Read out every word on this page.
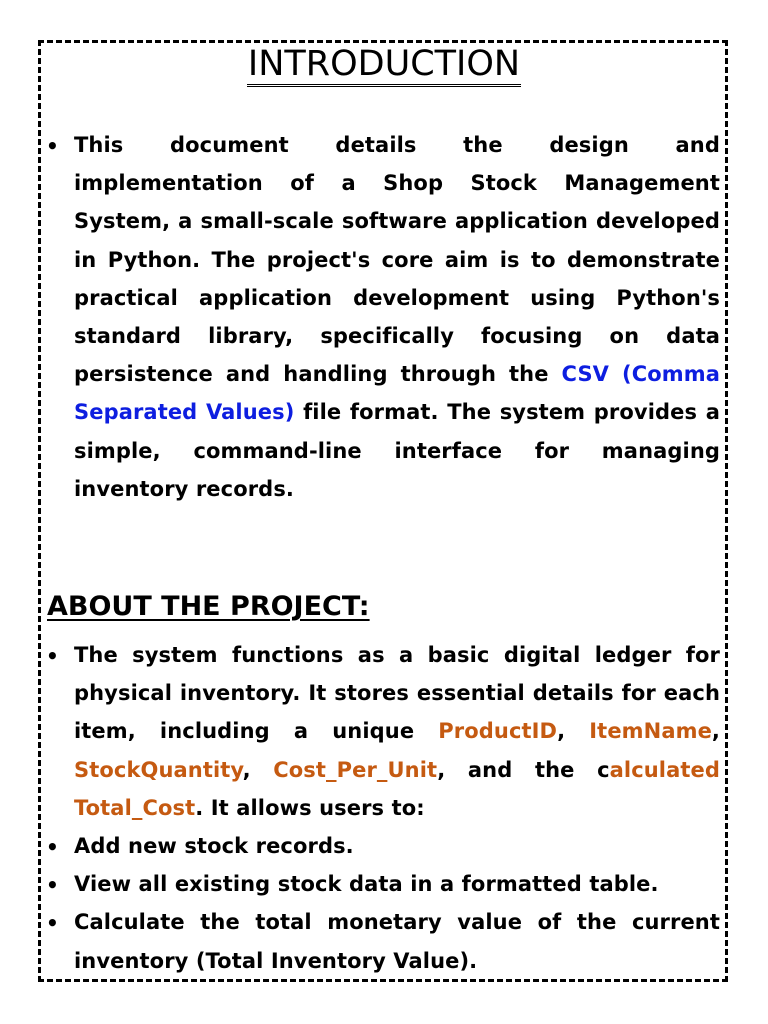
INTRODUCTION
• This document details the design and implementation of a Shop Stock Management System, a small-scale software application developed in Python. The project's core aim is to demonstrate practical application development using Python's standard library, specifically focusing on data persistence and handling through the CSV (Comma Separated Values) file format. The system provides a simple, command-line interface for managing inventory records.
ABOUT THE PROJECT:
• The system functions as a basic digital ledger for physical inventory. It stores essential details for each item, including a unique ProductID, ItemName, StockQuantity, Cost_Per_Unit, and the calculated Total_Cost. It allows users to:
• Add new stock records.
• View all existing stock data in a formatted table.
• Calculate the total monetary value of the current inventory (Total Inventory Value).
